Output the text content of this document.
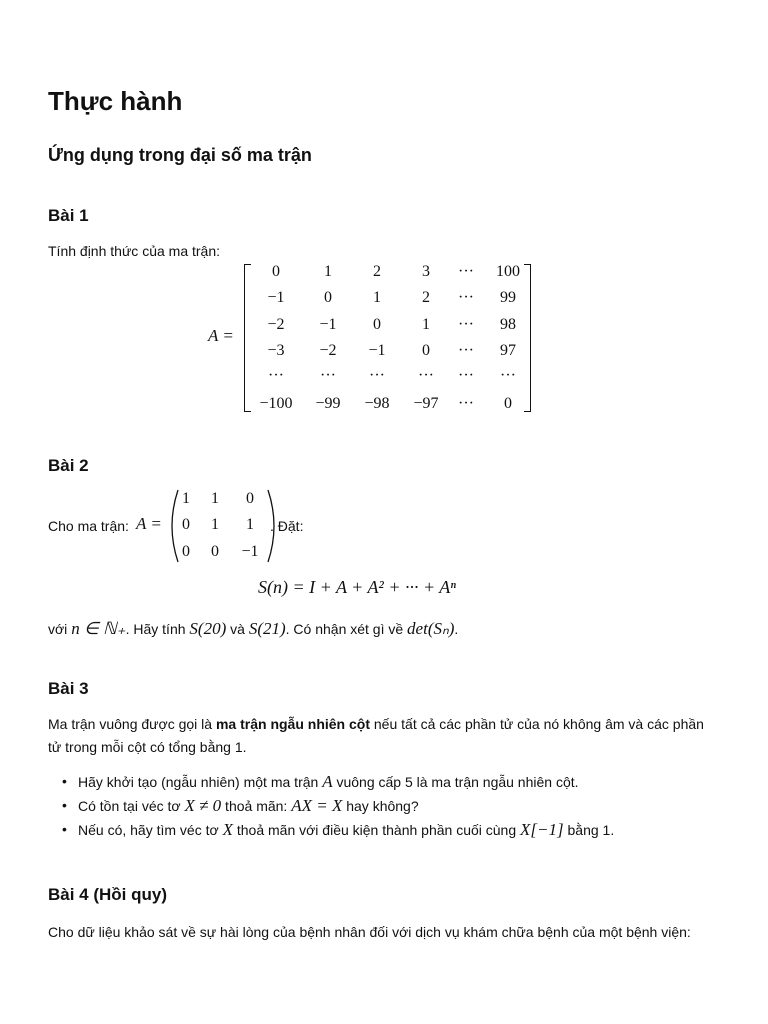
Thực hành
Ứng dụng trong đại số ma trận
Bài 1
Tính định thức của ma trận:
A =
0	1	2	3	···	100
−1	0	1	2	···	99
−2	−1	0	1	···	98
−3	−2	−1	0	···	97
···	···	···	···	···	···
−100	−99	−98	−97	···	0
Bài 2
Cho ma trận: A =
1	1	0
0	1	1
0	0	−1
. Đặt:
S(n) = I + A + A² + ··· + Aⁿ
với n ∈ ℕ₊. Hãy tính S(20) và S(21). Có nhận xét gì về det(Sₙ).
Bài 3
Ma trận vuông được gọi là ma trận ngẫu nhiên cột nếu tất cả các phần tử của nó không âm và các phần tử trong mỗi cột có tổng bằng 1.
• Hãy khởi tạo (ngẫu nhiên) một ma trận A vuông cấp 5 là ma trận ngẫu nhiên cột.
• Có tồn tại véc tơ X ≠ 0 thoả mãn: AX = X hay không?
• Nếu có, hãy tìm véc tơ X thoả mãn với điều kiện thành phần cuối cùng X[−1] bằng 1.
Bài 4 (Hồi quy)
Cho dữ liệu khảo sát về sự hài lòng của bệnh nhân đối với dịch vụ khám chữa bệnh của một bệnh viện:
